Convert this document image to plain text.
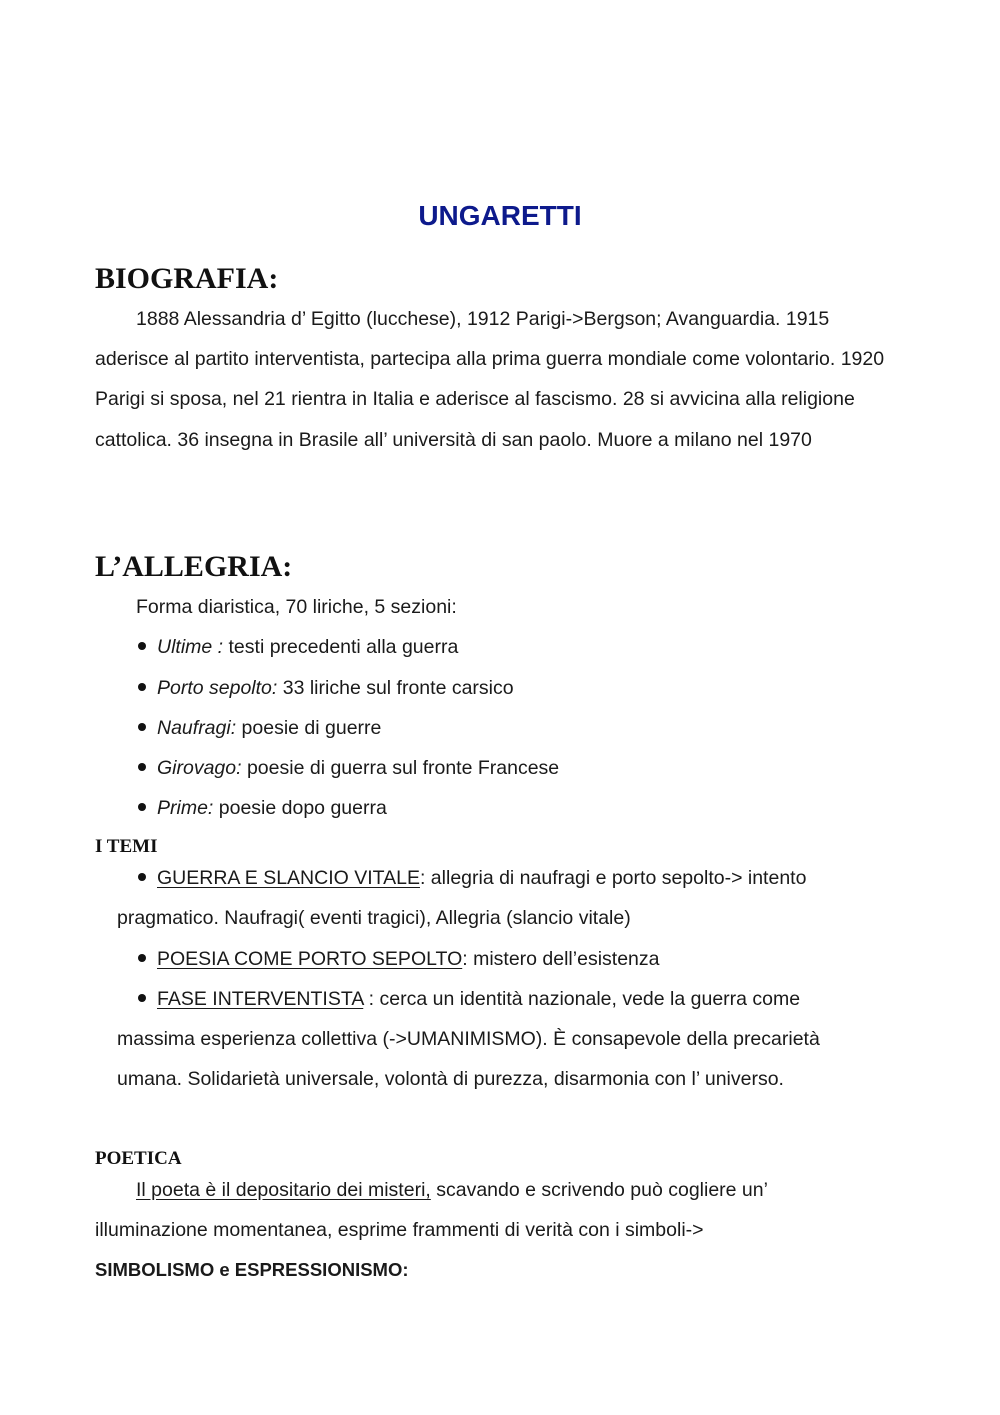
UNGARETTI
BIOGRAFIA:

1888 Alessandria d’ Egitto (lucchese), 1912 Parigi->Bergson; Avanguardia. 1915 aderisce al partito interventista, partecipa alla prima guerra mondiale come volontario. 1920 Parigi si sposa, nel 21 rientra in Italia e aderisce al fascismo. 28 si avvicina alla religione cattolica. 36 insegna in Brasile all’ università di san paolo. Muore a milano nel 1970

L’ALLEGRIA:

Forma diaristica, 70 liriche, 5 sezioni:

Ultime : testi precedenti alla guerra

Porto sepolto: 33 liriche sul fronte carsico

Naufragi: poesie di guerre

Girovago: poesie di guerra sul fronte Francese

Prime: poesie dopo guerra

I TEMI

GUERRA E SLANCIO VITALE: allegria di naufragi e porto sepolto-> intento

pragmatico. Naufragi( eventi tragici), Allegria (slancio vitale)

POESIA COME PORTO SEPOLTO: mistero dell’esistenza

FASE INTERVENTISTA : cerca un identità nazionale, vede la guerra come

massima esperienza collettiva (->UMANIMISMO). È consapevole della precarietà

umana. Solidarietà universale, volontà di purezza, disarmonia con l’ universo.

POETICA

Il poeta è il depositario dei misteri, scavando e scrivendo può cogliere un’

illuminazione momentanea, esprime frammenti di verità con i simboli->

SIMBOLISMO e ESPRESSIONISMO:
